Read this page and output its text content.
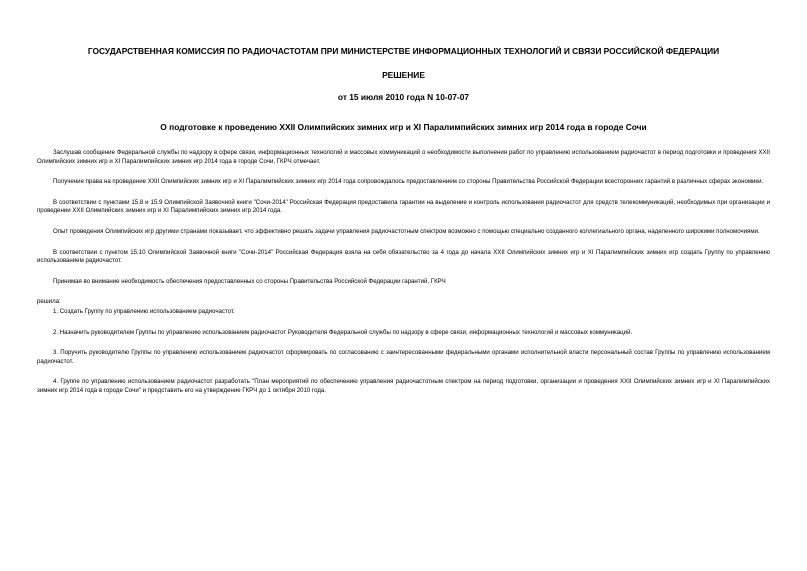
ГОСУДАРСТВЕННАЯ КОМИССИЯ ПО РАДИОЧАСТОТАМ ПРИ МИНИСТЕРСТВЕ ИНФОРМАЦИОННЫХ ТЕХНОЛОГИЙ И СВЯЗИ РОССИЙСКОЙ ФЕДЕРАЦИИ
РЕШЕНИЕ
от 15 июля 2010 года N 10-07-07
О подготовке к проведению XXII Олимпийских зимних игр и XI Паралимпийских зимних игр 2014 года в городе Сочи

Заслушав сообщение Федеральной службы по надзору в сфере связи, информационных технологий и массовых коммуникаций о необходимости выполнения работ по управлению использованием радиочастот в период подготовки и проведения XXII Олимпийских зимних игр и XI Паралимпийских зимних игр 2014 года в городе Сочи, ГКРЧ отмечает.

Получение права на проведение XXII Олимпийских зимних игр и XI Паралимпийских зимних игр 2014 года сопровождалось предоставлением со стороны Правительства Российской Федерации всесторонних гарантий в различных сферах экономики.

В соответствии с пунктами 15.8 и 15.9 Олимпийской Заявочной книги "Сочи-2014" Российская Федерация предоставила гарантии на выделение и контроль использования радиочастот для средств телекоммуникаций, необходимых при организации и проведении XXII Олимпийских зимних игр и XI Паралимпийских зимних игр 2014 года.

Опыт проведения Олимпийских игр другими странами показывает, что эффективно решать задачи управления радиочастотным спектром возможно с помощью специально созданного коллегиального органа, наделенного широкими полномочиями.

В соответствии с пунктом 15.10 Олимпийской Заявочной книги "Сочи-2014" Российская Федерация взяла на себя обязательство за 4 года до начала XXII Олимпийских зимних игр и XI Паралимпийских зимних игр создать Группу по управлению использованием радиочастот.

Принимая во внимание необходимость обеспечения предоставленных со стороны Правительства Российской Федерации гарантий, ГКРЧ

решила:

1. Создать Группу по управлению использованием радиочастот.

2. Назначить руководителем Группы по управлению использованием радиочастот Руководителя Федеральной службы по надзору в сфере связи, информационных технологий и массовых коммуникаций.

3. Поручить руководителю Группы по управлению использованием радиочастот сформировать по согласованию с заинтересованными федеральными органами исполнительной власти персональный состав Группы по управлению использованием радиочастот.

4. Группе по управлению использованием радиочастот разработать "План мероприятий по обеспечению управления радиочастотным спектром на период подготовки, организации и проведения XXII Олимпийских зимних игр и XI Паралимпийских зимних игр 2014 года в городе Сочи" и представить его на утверждение ГКРЧ до 1 октября 2010 года.
